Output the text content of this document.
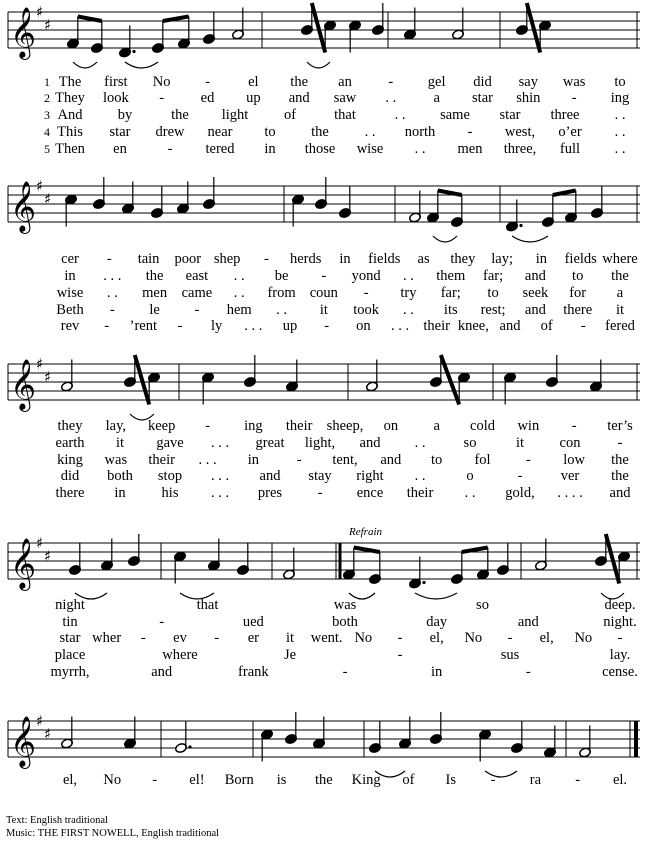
𝄞 ♯
♯
𝄞 ♯
♯
𝄞 ♯
♯
𝄞 ♯
♯
𝄞 ♯
♯
Refrain
1 The first No -	el the an	- gel did say was to
2 They look -	ed up and saw . .	a star shin - ing
3 And by	the light of	that	. . same star three . .
4 This star drew near to the . . north - west, o’er . .
5 Then en	- tered in those wise . . men three, full . .
cer - tain poor shep - herds in fields as they lay; in fields where
in . . . the east . . be - yond . . them far; and to the
wise . . men came . . from coun - try far; to seek for a
Beth - le - hem . . it took . . its rest; and there it
rev - ’rent - ly . . . up - on . . . their knee, and of - fered
they lay, keep - ing their sheep, on a cold win - ter’s
earth it gave . . . great light, and . .	so	it con	-
king was their . . . in	- tent, and to fol - low the
did both stop . . . and stay right . .	o	-	ver the
there in his . . . pres - ence their . . gold, . . . . and
night	that	was	so	deep.
tin	-	ued	both	day	and	night.
star wher - ev - er it went. No - el, No - el, No -
place	where	Je	-	sus	lay.
myrrh,	and	frank	-	in	-	cense.
el, No - el! Born is the King of Is - ra - el.
Text: English traditional
Music: THE FIRST NOWELL, English traditional
